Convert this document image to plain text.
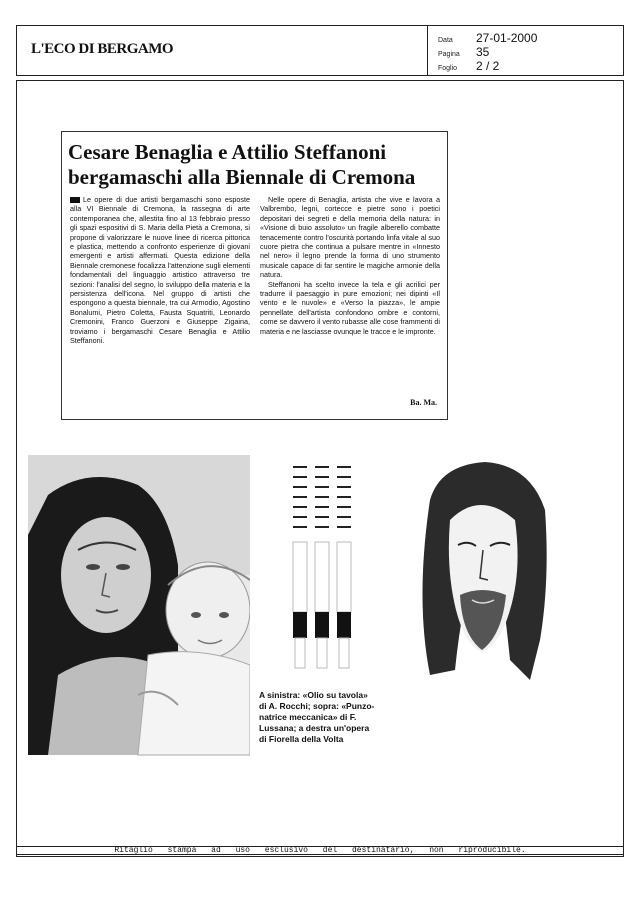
L'ECO DI BERGAMO
Data 27-01-2000
Pagina 35
Foglio 2 / 2
Cesare Benaglia e Attilio Steffanoni
bergamaschi alla Biennale di Cremona

Le opere di due artisti bergamaschi sono esposte alla VI Biennale di Cremona, la rassegna di arte contemporanea che, allestita fino al 13 febbraio presso gli spazi espositivi di S. Maria della Pietà a Cremona, si propone di valorizzare le nuove linee di ricerca pittorica e plastica, mettendo a confronto esperienze di giovani emergenti e artisti affermati. Questa edizione della Biennale cremonese focalizza l'attenzione sugli elementi fondamentali del linguaggio artistico attraverso tre sezioni: l'analisi del segno, lo sviluppo della materia e la persistenza dell'icona. Nel gruppo di artisti che espongono a questa biennale, tra cui Armodio, Agostino Bonalumi, Pietro Coletta, Fausta Squatriti, Leonardo Cremonini, Franco Guerzoni e Giuseppe Zigaina, troviamo i bergamaschi Cesare Benaglia e Attilio Steffanoni.

Nelle opere di Benaglia, artista che vive e lavora a Valbrembo, legni, cortecce e pietre sono i poetici depositari dei segreti e della memoria della natura: in «Visione di buio assoluto» un fragile alberello combatte tenacemente contro l'oscurità portando linfa vitale al suo cuore pietra che continua a pulsare mentre in «Innesto nel nero» il legno prende la forma di uno strumento musicale capace di far sentire le magiche armonie della natura.

Steffanoni ha scelto invece la tela e gli acrilici per tradurre il paesaggio in pure emozioni; nei dipinti «Il vento e le nuvole» e «Verso la piazza», le ampie pennellate dell'artista confondono ombre e contorni, come se davvero il vento rubasse alle cose frammenti di materia e ne lasciasse ovunque le tracce e le impronte.

Ba. Ma.
A sinistra: «Olio su tavola»
di A. Rocchi; sopra: «Punzo-
natrice meccanica» di F.
Lussana; a destra un'opera
di Fiorella della Volta
Ritaglio stampa ad uso esclusivo del destinatario, non riproducibile.
